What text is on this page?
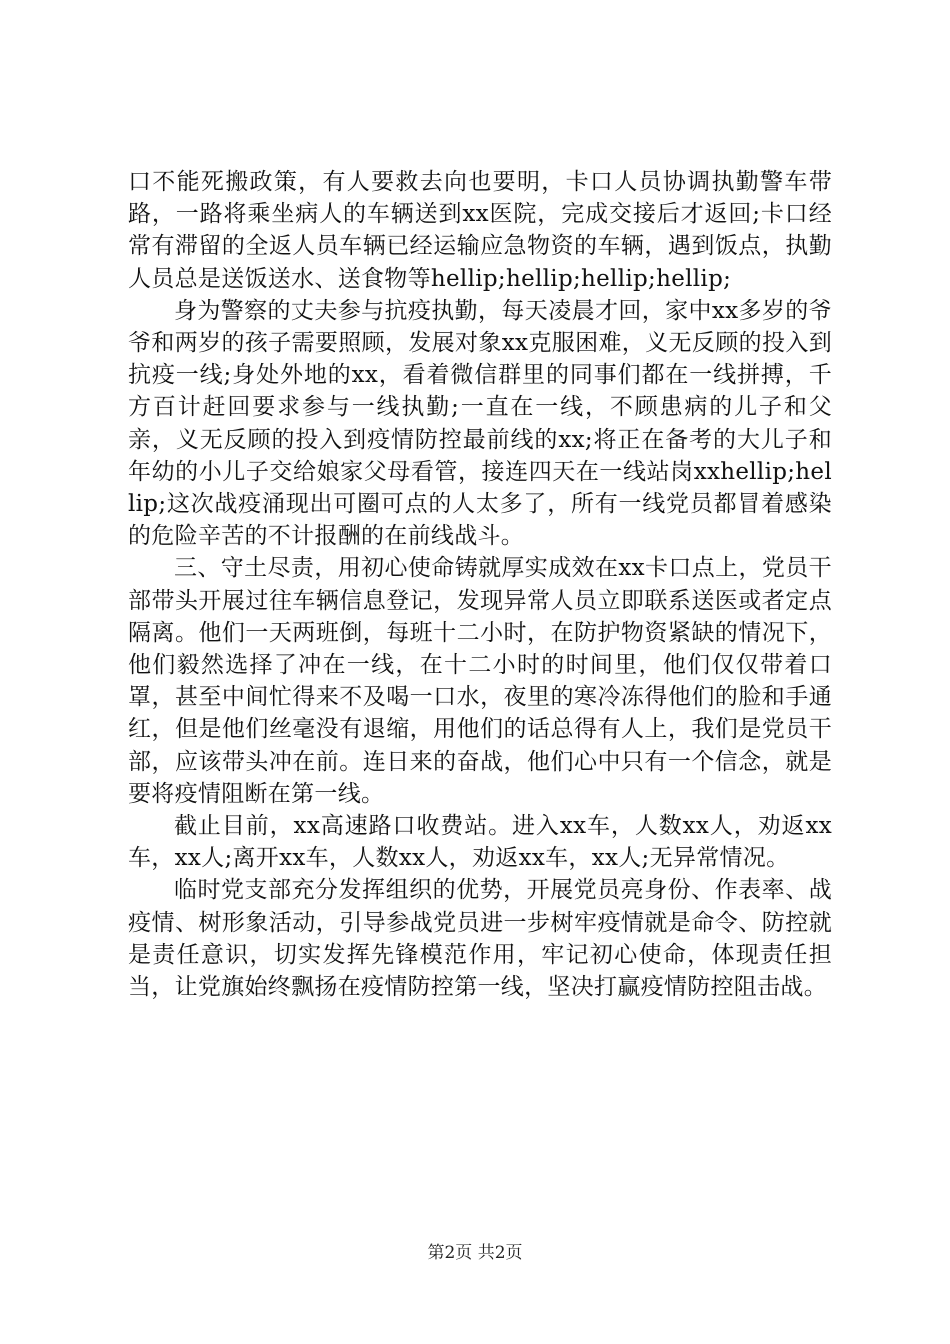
口不能死搬政策，有人要救去向也要明，卡口人员协调执勤警车带路，一路将乘坐病人的车辆送到xx医院，完成交接后才返回;卡口经常有滞留的全返人员车辆已经运输应急物资的车辆，遇到饭点，执勤人员总是送饭送水、送食物等hellip;hellip;hellip;hellip;

身为警察的丈夫参与抗疫执勤，每天凌晨才回，家中xx多岁的爷爷和两岁的孩子需要照顾，发展对象xx克服困难，义无反顾的投入到抗疫一线;身处外地的xx，看着微信群里的同事们都在一线拼搏，千方百计赶回要求参与一线执勤;一直在一线，不顾患病的儿子和父亲，义无反顾的投入到疫情防控最前线的xx;将正在备考的大儿子和年幼的小儿子交给娘家父母看管，接连四天在一线站岗xxhellip;hellip;这次战疫涌现出可圈可点的人太多了，所有一线党员都冒着感染的危险辛苦的不计报酬的在前线战斗。

三、守土尽责，用初心使命铸就厚实成效在xx卡口点上，党员干部带头开展过往车辆信息登记，发现异常人员立即联系送医或者定点隔离。他们一天两班倒，每班十二小时，在防护物资紧缺的情况下，他们毅然选择了冲在一线，在十二小时的时间里，他们仅仅带着口罩，甚至中间忙得来不及喝一口水，夜里的寒冷冻得他们的脸和手通红，但是他们丝毫没有退缩，用他们的话总得有人上，我们是党员干部，应该带头冲在前。连日来的奋战，他们心中只有一个信念，就是要将疫情阻断在第一线。

截止目前，xx高速路口收费站。进入xx车，人数xx人，劝返xx车，xx人;离开xx车，人数xx人，劝返xx车，xx人;无异常情况。

临时党支部充分发挥组织的优势，开展党员亮身份、作表率、战疫情、树形象活动，引导参战党员进一步树牢疫情就是命令、防控就是责任意识，切实发挥先锋模范作用，牢记初心使命，体现责任担当，让党旗始终飘扬在疫情防控第一线，坚决打赢疫情防控阻击战。

第2页 共2页
